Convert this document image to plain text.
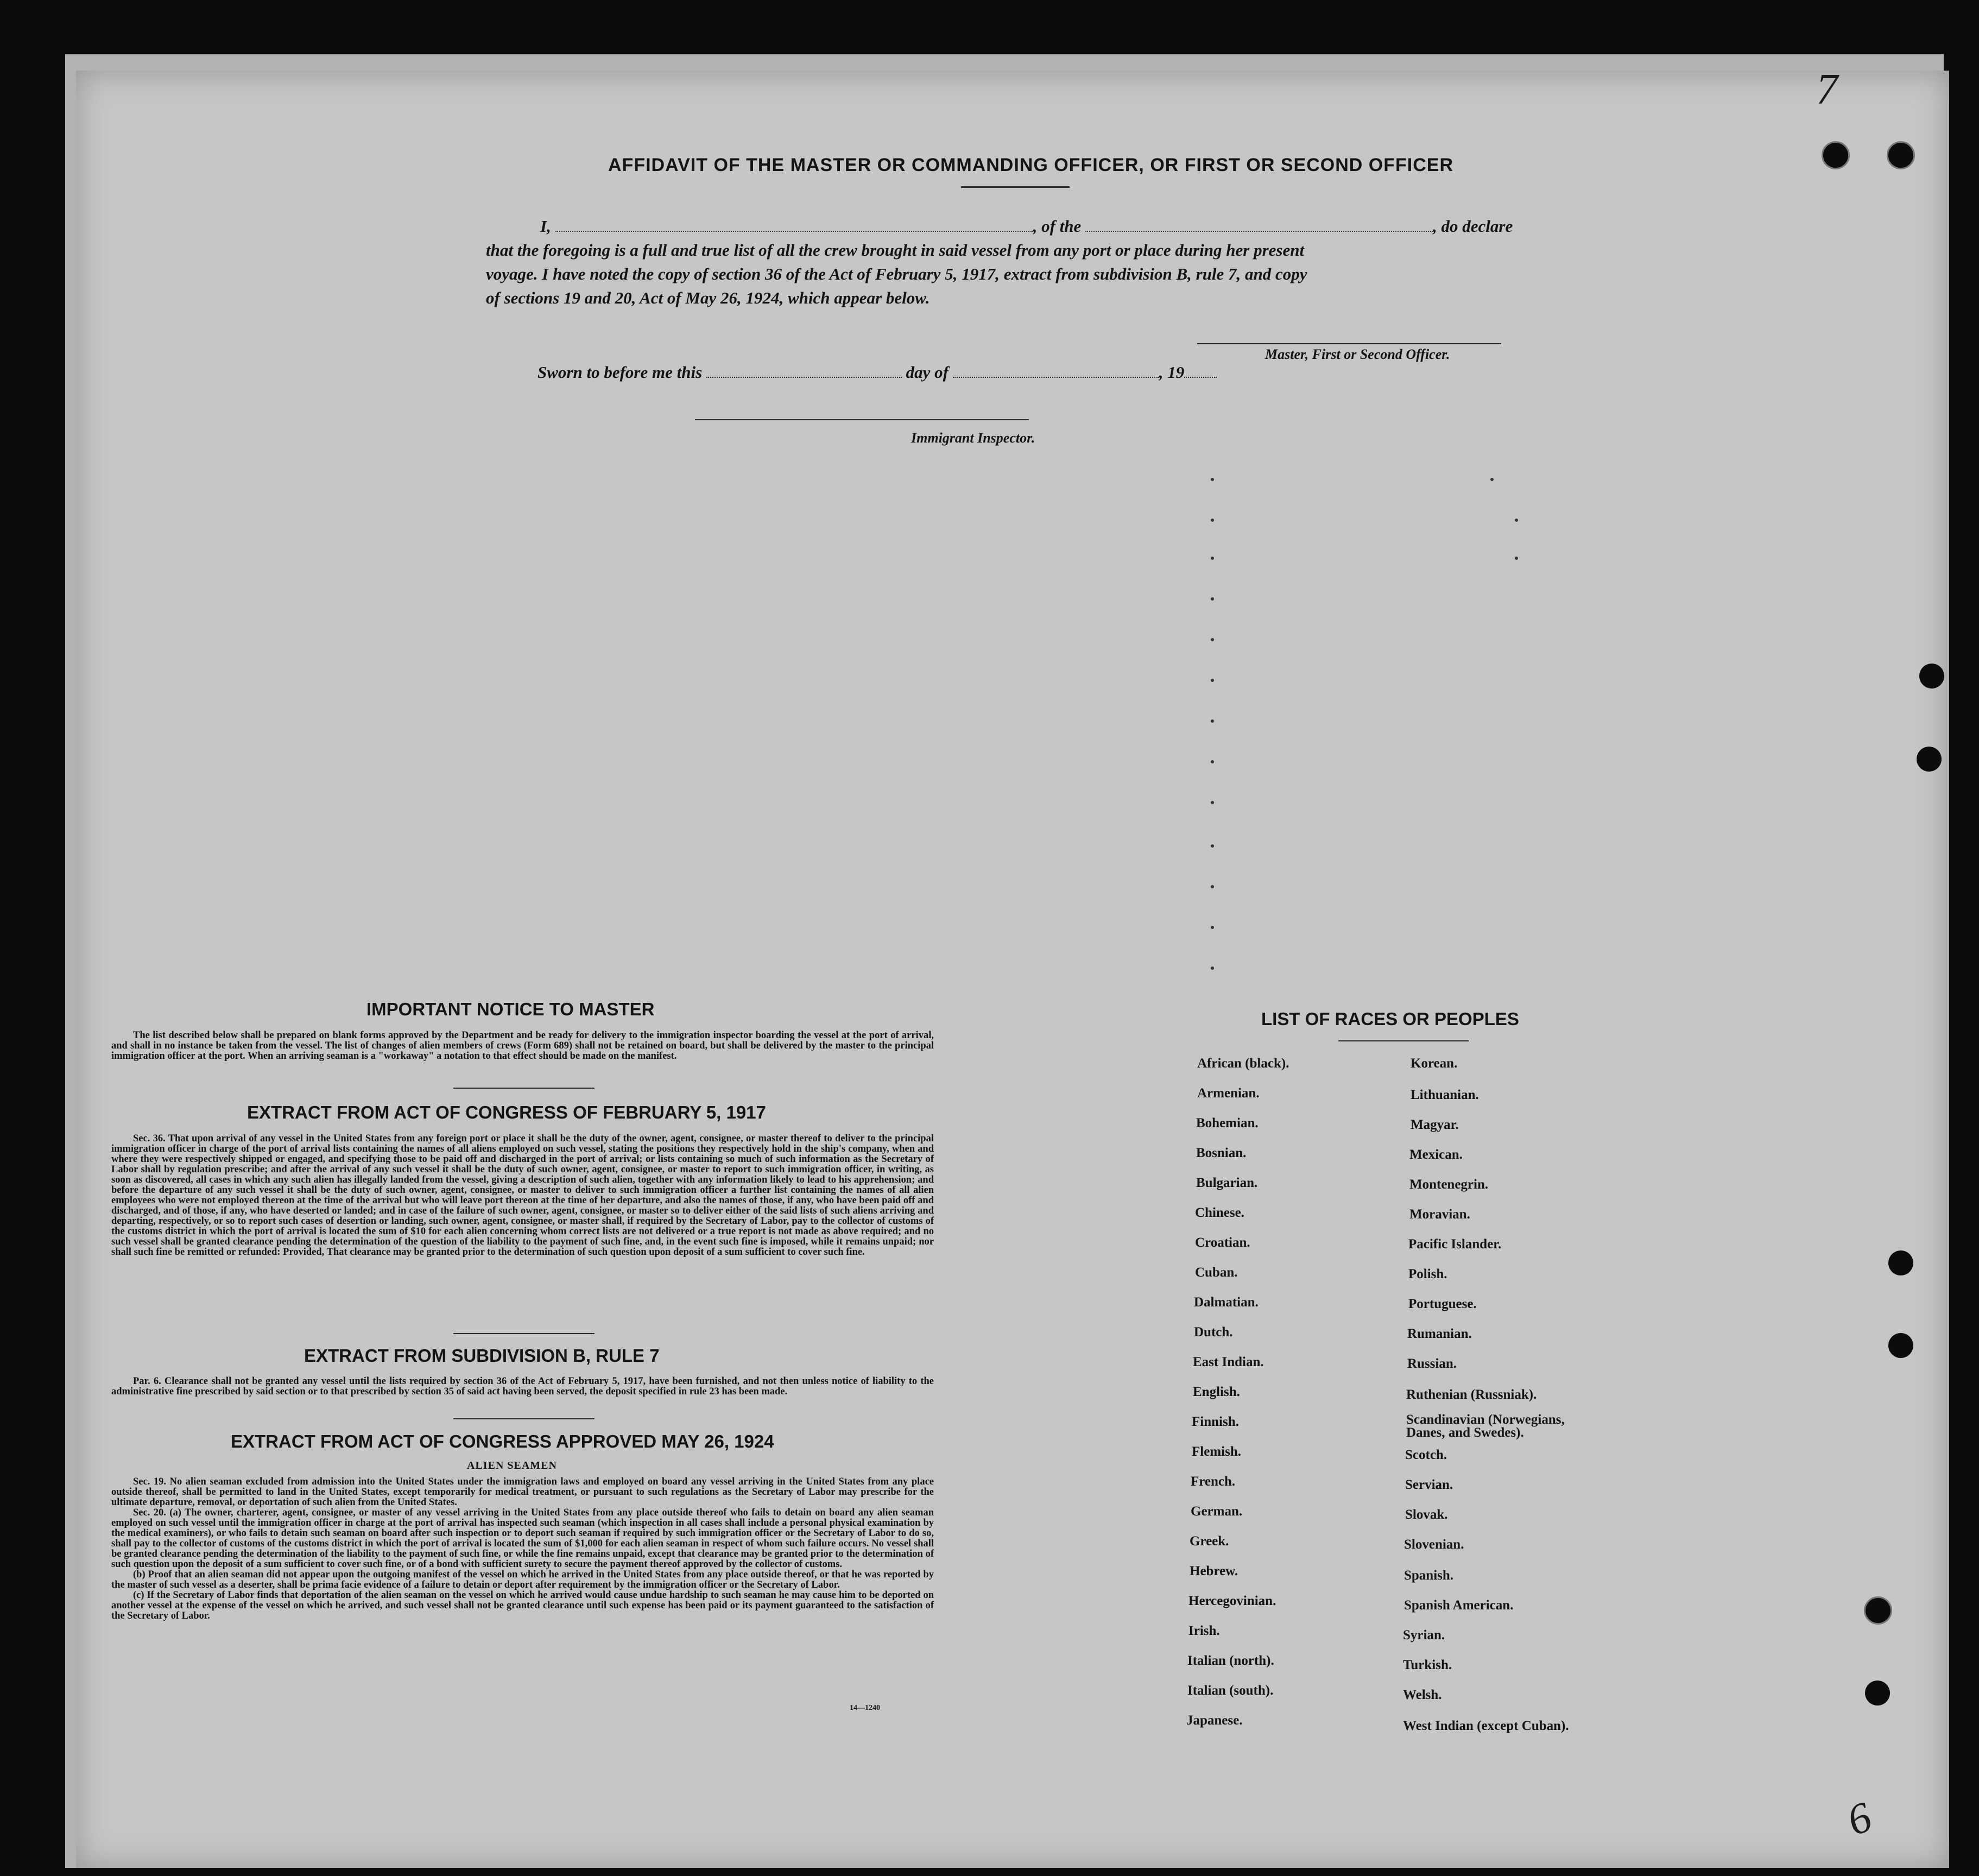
AFFIDAVIT OF THE MASTER OR COMMANDING OFFICER, OR FIRST OR SECOND OFFICER
I,	, of the	, do declare
that the foregoing is a full and true list of all the crew brought in said vessel from any port or place during her present
voyage. I have noted the copy of section 36 of the Act of February 5, 1917, extract from subdivision B, rule 7, and copy
of sections 19 and 20, Act of May 26, 1924, which appear below.
Master, First or Second Officer.
Sworn to before me this	day of	, 19
Immigrant Inspector.
IMPORTANT NOTICE TO MASTER

The list described below shall be prepared on blank forms approved by the Department and be ready for delivery to the immigration inspector boarding the vessel at the port of arrival, and shall in no instance be taken from the vessel. The list of changes of alien members of crews (Form 689) shall not be retained on board, but shall be delivered by the master to the principal immigration officer at the port. When an arriving seaman is a "workaway" a notation to that effect should be made on the manifest.

EXTRACT FROM ACT OF CONGRESS OF FEBRUARY 5, 1917

Sec. 36. That upon arrival of any vessel in the United States from any foreign port or place it shall be the duty of the owner, agent, consignee, or master thereof to deliver to the principal immigration officer in charge of the port of arrival lists containing the names of all aliens employed on such vessel, stating the positions they respectively hold in the ship's company, when and where they were respectively shipped or engaged, and specifying those to be paid off and discharged in the port of arrival; or lists containing so much of such information as the Secretary of Labor shall by regulation prescribe; and after the arrival of any such vessel it shall be the duty of such owner, agent, consignee, or master to report to such immigration officer, in writing, as soon as discovered, all cases in which any such alien has illegally landed from the vessel, giving a description of such alien, together with any information likely to lead to his apprehension; and before the departure of any such vessel it shall be the duty of such owner, agent, consignee, or master to deliver to such immigration officer a further list containing the names of all alien employees who were not employed thereon at the time of the arrival but who will leave port thereon at the time of her departure, and also the names of those, if any, who have been paid off and discharged, and of those, if any, who have deserted or landed; and in case of the failure of such owner, agent, consignee, or master so to deliver either of the said lists of such aliens arriving and departing, respectively, or so to report such cases of desertion or landing, such owner, agent, consignee, or master shall, if required by the Secretary of Labor, pay to the collector of customs of the customs district in which the port of arrival is located the sum of $10 for each alien concerning whom correct lists are not delivered or a true report is not made as above required; and no such vessel shall be granted clearance pending the determination of the question of the liability to the payment of such fine, and, in the event such fine is imposed, while it remains unpaid; nor shall such fine be remitted or refunded: Provided, That clearance may be granted prior to the determination of such question upon deposit of a sum sufficient to cover such fine.

EXTRACT FROM SUBDIVISION B, RULE 7

Par. 6. Clearance shall not be granted any vessel until the lists required by section 36 of the Act of February 5, 1917, have been furnished, and not then unless notice of liability to the administrative fine prescribed by said section or to that prescribed by section 35 of said act having been served, the deposit specified in rule 23 has been made.

EXTRACT FROM ACT OF CONGRESS APPROVED MAY 26, 1924
ALIEN SEAMEN

Sec. 19. No alien seaman excluded from admission into the United States under the immigration laws and employed on board any vessel arriving in the United States from any place outside thereof, shall be permitted to land in the United States, except temporarily for medical treatment, or pursuant to such regulations as the Secretary of Labor may prescribe for the ultimate departure, removal, or deportation of such alien from the United States.

Sec. 20. (a) The owner, charterer, agent, consignee, or master of any vessel arriving in the United States from any place outside thereof who fails to detain on board any alien seaman employed on such vessel until the immigration officer in charge at the port of arrival has inspected such seaman (which inspection in all cases shall include a personal physical examination by the medical examiners), or who fails to detain such seaman on board after such inspection or to deport such seaman if required by such immigration officer or the Secretary of Labor to do so, shall pay to the collector of customs of the customs district in which the port of arrival is located the sum of $1,000 for each alien seaman in respect of whom such failure occurs. No vessel shall be granted clearance pending the determination of the liability to the payment of such fine, or while the fine remains unpaid, except that clearance may be granted prior to the determination of such question upon the deposit of a sum sufficient to cover such fine, or of a bond with sufficient surety to secure the payment thereof approved by the collector of customs.

(b) Proof that an alien seaman did not appear upon the outgoing manifest of the vessel on which he arrived in the United States from any place outside thereof, or that he was reported by the master of such vessel as a deserter, shall be prima facie evidence of a failure to detain or deport after requirement by the immigration officer or the Secretary of Labor.

(c) If the Secretary of Labor finds that deportation of the alien seaman on the vessel on which he arrived would cause undue hardship to such seaman he may cause him to be deported on another vessel at the expense of the vessel on which he arrived, and such vessel shall not be granted clearance until such expense has been paid or its payment guaranteed to the satisfaction of the Secretary of Labor.

14—1240
LIST OF RACES OR PEOPLES
African (black).
Armenian.
Bohemian.
Bosnian.
Bulgarian.
Chinese.
Croatian.
Cuban.
Dalmatian.
Dutch.
East Indian.
English.
Finnish.
Flemish.
French.
German.
Greek.
Hebrew.
Hercegovinian.
Irish.
Italian (north).
Italian (south).
Japanese.
Korean.
Lithuanian.
Magyar.
Mexican.
Montenegrin.
Moravian.
Pacific Islander.
Polish.
Portuguese.
Rumanian.
Russian.
Ruthenian (Russniak).
Scandinavian (Norwegians, Danes, and Swedes).
Scotch.
Servian.
Slovak.
Slovenian.
Spanish.
Spanish American.
Syrian.
Turkish.
Welsh.
West Indian (except Cuban).
7
6
